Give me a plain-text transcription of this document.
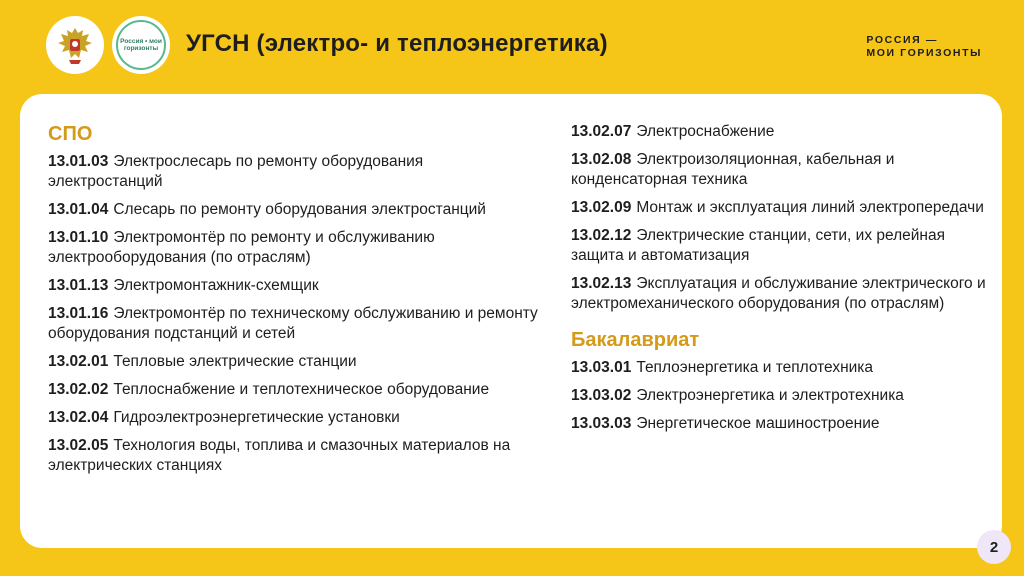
Россия • мои
горизонты УГСН (электро- и теплоэнергетика)	РОССИЯ —
МОИ ГОРИЗОНТЫ
СПО
13.01.03 Электрослесарь по ремонту оборудования электростанций
13.01.04 Слесарь по ремонту оборудования электростанций
13.01.10 Электромонтёр по ремонту и обслуживанию электрооборудования (по отраслям)
13.01.13 Электромонтажник-схемщик
13.01.16 Электромонтёр по техническому обслуживанию и ремонту оборудования подстанций и сетей
13.02.01 Тепловые электрические станции
13.02.02 Теплоснабжение и теплотехническое оборудование
13.02.04 Гидроэлектроэнергетические установки
13.02.05 Технология воды, топлива и смазочных материалов на электрических станциях
13.02.07 Электроснабжение
13.02.08 Электроизоляционная, кабельная и конденсаторная техника
13.02.09 Монтаж и эксплуатация линий электропередачи
13.02.12 Электрические станции, сети, их релейная защита и автоматизация
13.02.13 Эксплуатация и обслуживание электрического и электромеханического оборудования (по отраслям)
Бакалавриат
13.03.01 Теплоэнергетика и теплотехника
13.03.02 Электроэнергетика и электротехника
13.03.03 Энергетическое машиностроение
2
